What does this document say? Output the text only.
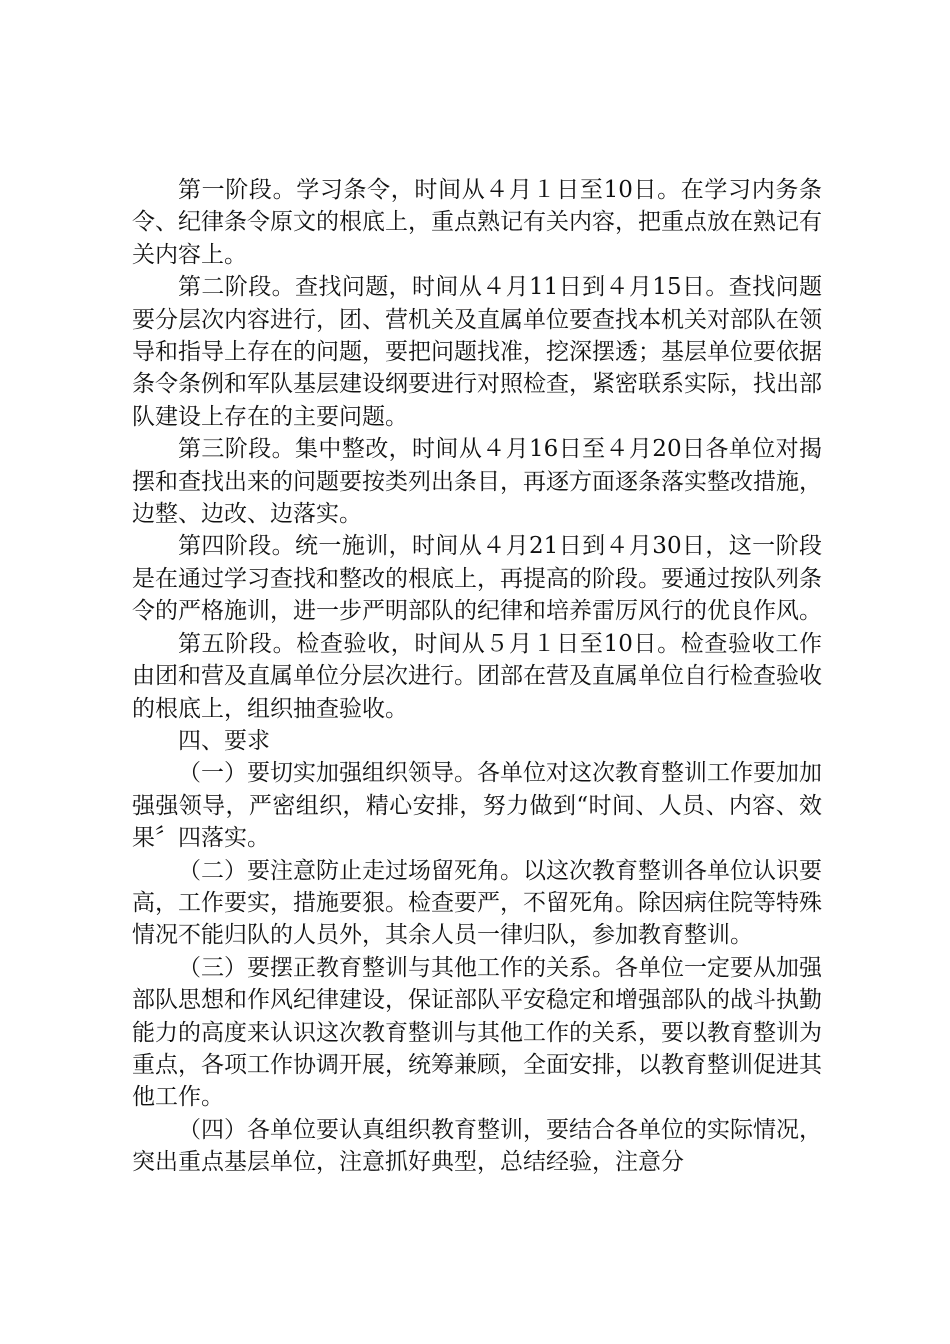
第一阶段。学习条令，时间从４月１日至10日。在学习内务条令、纪律条令原文的根底上，重点熟记有关内容，把重点放在熟记有关内容上。

第二阶段。查找问题，时间从４月11日到４月15日。查找问题要分层次内容进行，团、营机关及直属单位要查找本机关对部队在领导和指导上存在的问题，要把问题找准，挖深摆透；基层单位要依据条令条例和军队基层建设纲要进行对照检查，紧密联系实际，找出部队建设上存在的主要问题。

第三阶段。集中整改，时间从４月16日至４月20日各单位对揭摆和查找出来的问题要按类列出条目，再逐方面逐条落实整改措施，边整、边改、边落实。

第四阶段。统一施训，时间从４月21日到４月30日，这一阶段是在通过学习查找和整改的根底上，再提高的阶段。要通过按队列条令的严格施训，进一步严明部队的纪律和培养雷厉风行的优良作风。

第五阶段。检查验收，时间从５月１日至10日。检查验收工作由团和营及直属单位分层次进行。团部在营及直属单位自行检查验收的根底上，组织抽查验收。

四、要求

（一）要切实加强组织领导。各单位对这次教育整训工作要加加强强领导，严密组织，精心安排，努力做到“时间、人员、内容、效果〞四落实。

（二）要注意防止走过场留死角。以这次教育整训各单位认识要高，工作要实，措施要狠。检查要严，不留死角。除因病住院等特殊情况不能归队的人员外，其余人员一律归队，参加教育整训。

（三）要摆正教育整训与其他工作的关系。各单位一定要从加强部队思想和作风纪律建设，保证部队平安稳定和增强部队的战斗执勤能力的高度来认识这次教育整训与其他工作的关系，要以教育整训为重点，各项工作协调开展，统筹兼顾，全面安排，以教育整训促进其他工作。

（四）各单位要认真组织教育整训，要结合各单位的实际情况，突出重点基层单位，注意抓好典型，总结经验，注意分
